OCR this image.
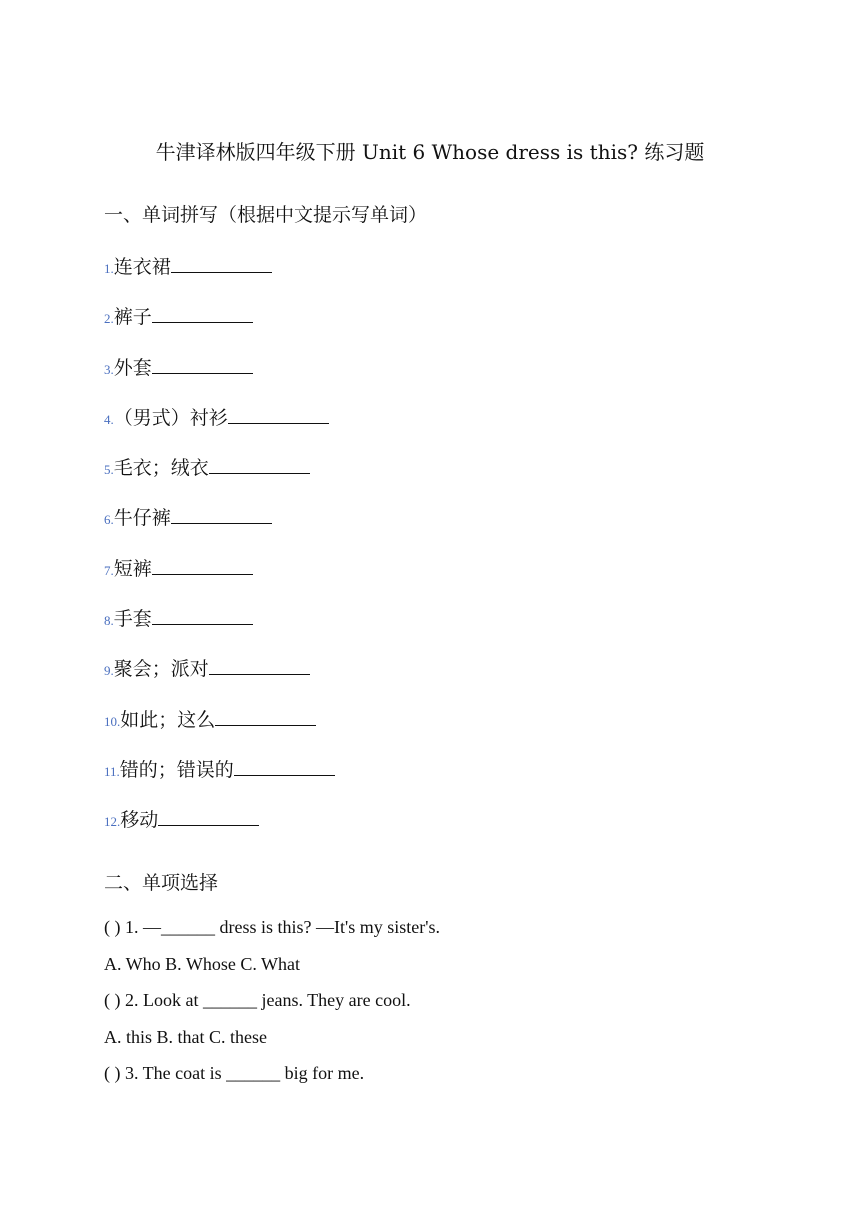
牛津译林版四年级下册 Unit 6 Whose dress is this? 练习题
一、单词拼写（根据中文提示写单词）
1. 连衣裙
2. 裤子
3. 外套
4. （男式）衬衫
5. 毛衣；绒衣
6. 牛仔裤
7. 短裤
8. 手套
9. 聚会；派对
10. 如此；这么
11. 错的；错误的
12. 移动
二、单项选择
( ) 1. —______ dress is this? —It's my sister's.
A. Who B. Whose C. What
( ) 2. Look at ______ jeans. They are cool.
A. this B. that C. these
( ) 3. The coat is ______ big for me.
